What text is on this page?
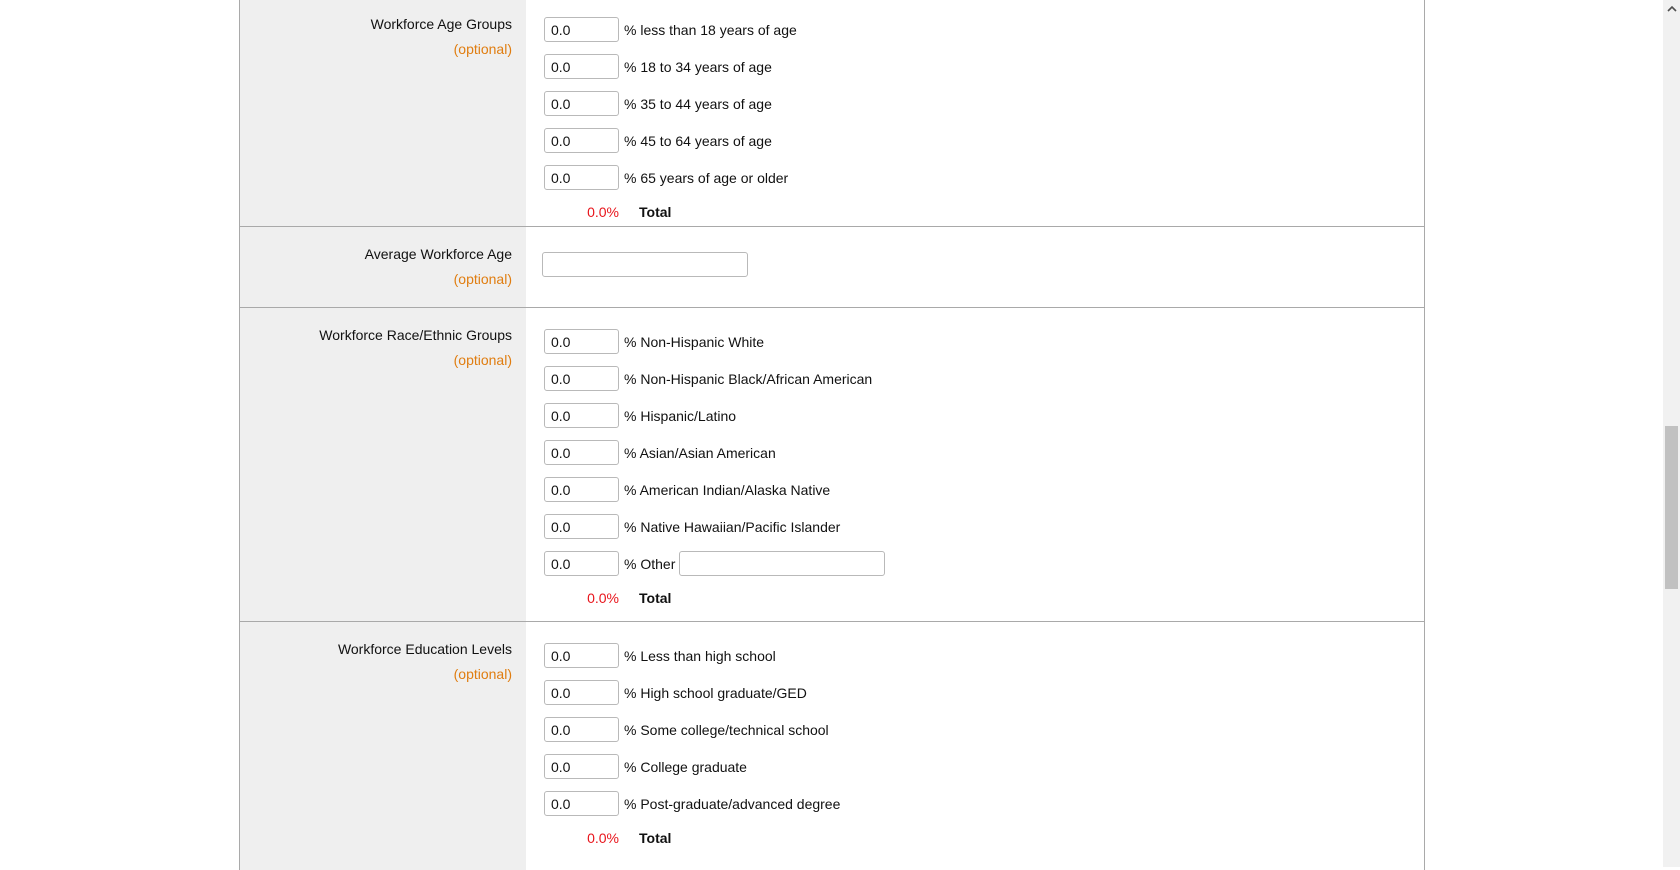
Workforce Age Groups
(optional)
0.0
% less than 18 years of age
0.0
% 18 to 34 years of age
0.0
% 35 to 44 years of age
0.0
% 45 to 64 years of age
0.0
% 65 years of age or older
0.0% Total
Average Workforce Age
(optional)
Workforce Race/Ethnic Groups
(optional)
0.0
% Non-Hispanic White
0.0
% Non-Hispanic Black/African American
0.0
% Hispanic/Latino
0.0
% Asian/Asian American
0.0
% American Indian/Alaska Native
0.0
% Native Hawaiian/Pacific Islander
0.0
% Other
0.0% Total
Workforce Education Levels
(optional)
0.0
% Less than high school
0.0
% High school graduate/GED
0.0
% Some college/technical school
0.0
% College graduate
0.0
% Post-graduate/advanced degree
0.0% Total
